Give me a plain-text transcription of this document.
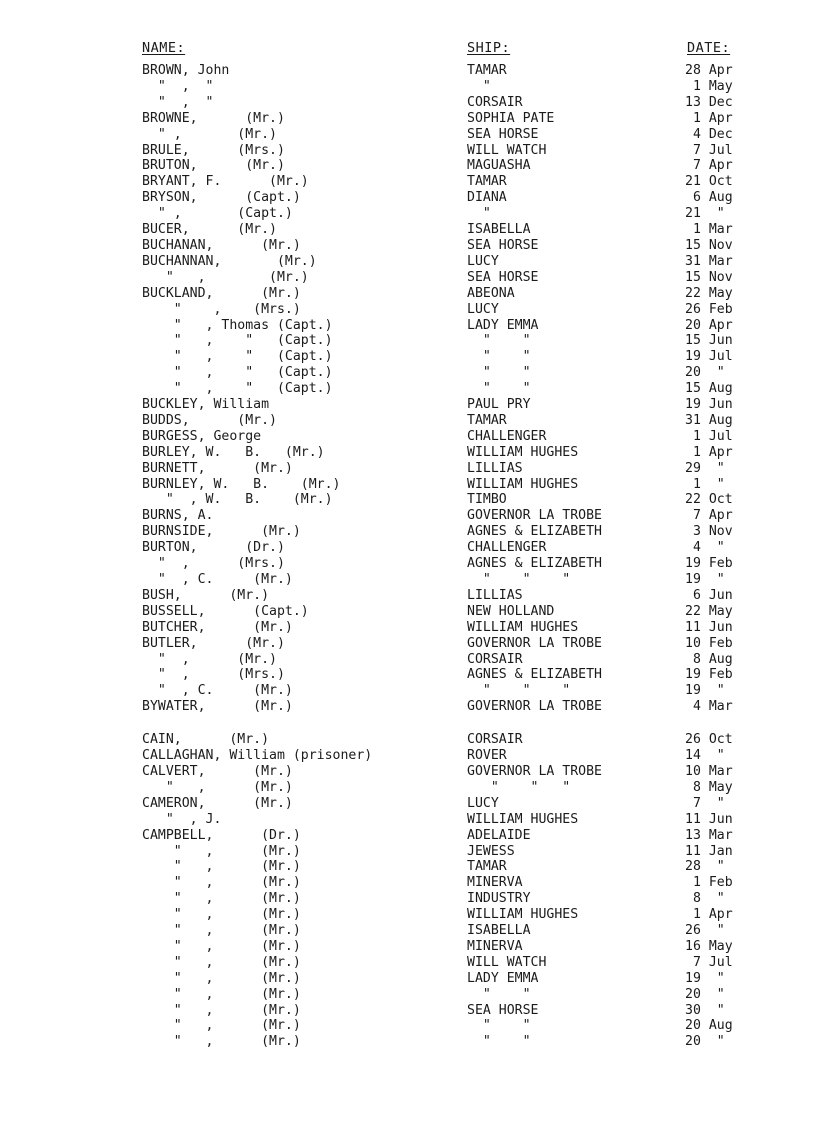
NAME:	SHIP:	DATE:
BROWN, John	TAMAR	28 Apr
"  ,  "	"	1 May
"  ,  "	CORSAIR	13 Dec
BROWNE,      (Mr.)	SOPHIA PATE	1 Apr
" ,       (Mr.)	SEA HORSE	4 Dec
BRULE,      (Mrs.)	WILL WATCH	7 Jul
BRUTON,      (Mr.)	MAGUASHA	7 Apr
BRYANT, F.      (Mr.)	TAMAR	21 Oct
BRYSON,      (Capt.)	DIANA	6 Aug
" ,       (Capt.)	"	21  "
BUCER,      (Mr.)	ISABELLA	1 Mar
BUCHANAN,      (Mr.)	SEA HORSE	15 Nov
BUCHANNAN,       (Mr.)	LUCY	31 Mar
"   ,        (Mr.)	SEA HORSE	15 Nov
BUCKLAND,      (Mr.)	ABEONA	22 May
"    ,    (Mrs.)	LUCY	26 Feb
"   , Thomas (Capt.)	LADY EMMA	20 Apr
"   ,    "   (Capt.)	"    "	15 Jun
"   ,    "   (Capt.)	"    "	19 Jul
"   ,    "   (Capt.)	"    "	20  "
"   ,    "   (Capt.)	"    "	15 Aug
BUCKLEY, William	PAUL PRY	19 Jun
BUDDS,      (Mr.)	TAMAR	31 Aug
BURGESS, George	CHALLENGER	1 Jul
BURLEY, W.   B.   (Mr.)	WILLIAM HUGHES	1 Apr
BURNETT,      (Mr.)	LILLIAS	29  "
BURNLEY, W.   B.    (Mr.)	WILLIAM HUGHES	1  "
"  , W.   B.    (Mr.)	TIMBO	22 Oct
BURNS, A.	GOVERNOR LA TROBE	7 Apr
BURNSIDE,      (Mr.)	AGNES & ELIZABETH	3 Nov
BURTON,      (Dr.)	CHALLENGER	4  "
"  ,      (Mrs.)	AGNES & ELIZABETH	19 Feb
"  , C.     (Mr.)	"    "    "	19  "
BUSH,      (Mr.)	LILLIAS	6 Jun
BUSSELL,      (Capt.)	NEW HOLLAND	22 May
BUTCHER,      (Mr.)	WILLIAM HUGHES	11 Jun
BUTLER,      (Mr.)	GOVERNOR LA TROBE	10 Feb
"  ,      (Mr.)	CORSAIR	8 Aug
"  ,      (Mrs.)	AGNES & ELIZABETH	19 Feb
"  , C.     (Mr.)	"    "    "	19  "
BYWATER,      (Mr.)	GOVERNOR LA TROBE	4 Mar
CAIN,      (Mr.)	CORSAIR	26 Oct
CALLAGHAN, William (prisoner)	ROVER	14  "
CALVERT,      (Mr.)	GOVERNOR LA TROBE	10 Mar
"   ,      (Mr.)	"    "   "	8 May
CAMERON,      (Mr.)	LUCY	7  "
"  , J.	WILLIAM HUGHES	11 Jun
CAMPBELL,      (Dr.)	ADELAIDE	13 Mar
"   ,      (Mr.)	JEWESS	11 Jan
"   ,      (Mr.)	TAMAR	28  "
"   ,      (Mr.)	MINERVA	1 Feb
"   ,      (Mr.)	INDUSTRY	8  "
"   ,      (Mr.)	WILLIAM HUGHES	1 Apr
"   ,      (Mr.)	ISABELLA	26  "
"   ,      (Mr.)	MINERVA	16 May
"   ,      (Mr.)	WILL WATCH	7 Jul
"   ,      (Mr.)	LADY EMMA	19  "
"   ,      (Mr.)	"    "	20  "
"   ,      (Mr.)	SEA HORSE	30  "
"   ,      (Mr.)	"    "	20 Aug
"   ,      (Mr.)	"    "	20  "
